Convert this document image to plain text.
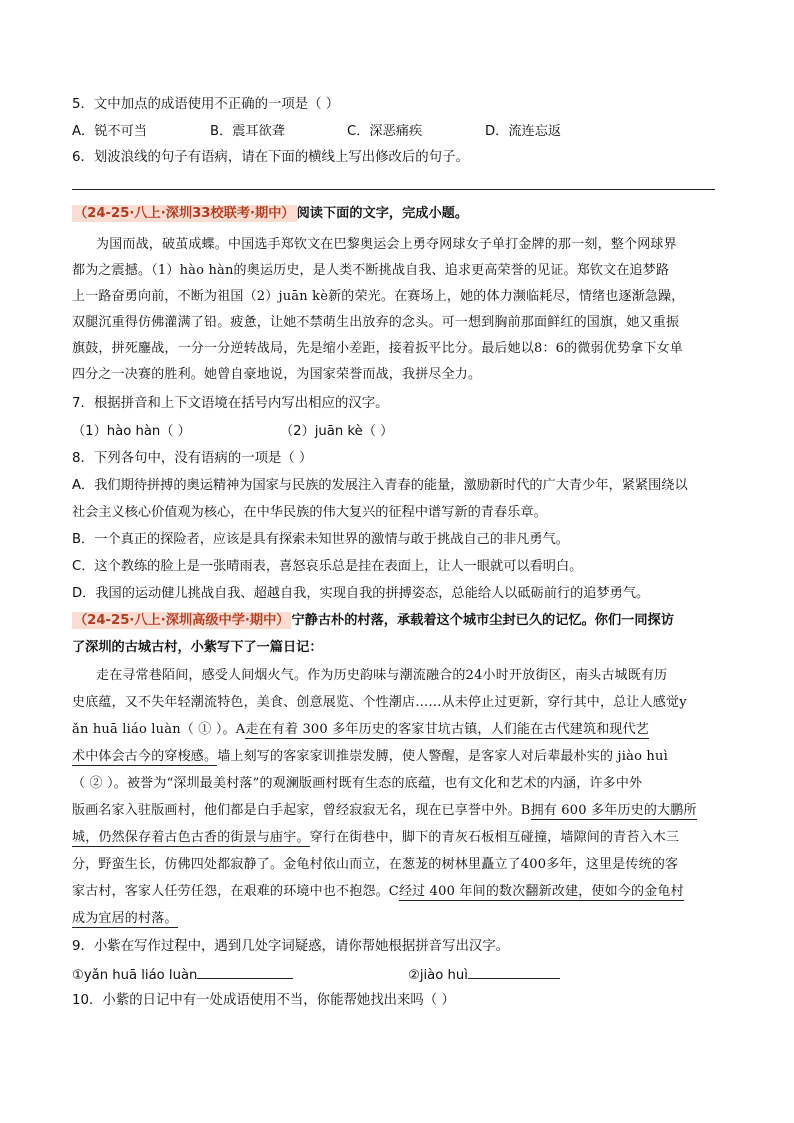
5．文中加点的成语使用不正确的一项是（ ）
A．锐不可当	B．震耳欲聋	C．深恶痛疾	D．流连忘返
6．划波浪线的句子有语病，请在下面的横线上写出修改后的句子。
（24-25·八上·深圳33校联考·期中） 阅读下面的文字，完成小题。
为国而战，破茧成蝶。中国选手郑钦文在巴黎奥运会上勇夺网球女子单打金牌的那一刻，整个网球界
都为之震撼。（1）hào hàn的奥运历史，是人类不断挑战自我、追求更高荣誉的见证。郑钦文在追梦路
上一路奋勇向前，不断为祖国（2）juān kè新的荣光。在赛场上，她的体力濒临耗尽，情绪也逐渐急躁，
双腿沉重得仿佛灌满了铅。疲惫，让她不禁萌生出放弃的念头。可一想到胸前那面鲜红的国旗，她又重振
旗鼓，拼死鏖战，一分一分逆转战局，先是缩小差距，接着扳平比分。最后她以8：6的微弱优势拿下女单
四分之一决赛的胜利。她曾自豪地说，为国家荣誉而战，我拼尽全力。
7．根据拼音和上下文语境在括号内写出相应的汉字。
（1）hào hàn（ ）	（2）juān kè（ ）
8．下列各句中，没有语病的一项是（ ）
A．我们期待拼搏的奥运精神为国家与民族的发展注入青春的能量，激励新时代的广大青少年，紧紧围绕以
社会主义核心价值观为核心，在中华民族的伟大复兴的征程中谱写新的青春乐章。
B．一个真正的探险者，应该是具有探索未知世界的激情与敢于挑战自己的非凡勇气。
C．这个教练的脸上是一张晴雨表，喜怒哀乐总是挂在表面上，让人一眼就可以看明白。
D．我国的运动健儿挑战自我、超越自我，实现自我的拼搏姿态，总能给人以砥砺前行的追梦勇气。
（24-25·八上·深圳高级中学·期中） 宁静古朴的村落，承载着这个城市尘封已久的记忆。你们一同探访
了深圳的古城古村，小紫写下了一篇日记：
走在寻常巷陌间，感受人间烟火气。作为历史韵味与潮流融合的24小时开放街区，南头古城既有历
史底蕴，又不失年轻潮流特色，美食、创意展览、个性潮店……从未停止过更新，穿行其中，总让人感觉y
ǎn huā liáo luàn（ ① ）。A走在有着 300 多年历史的客家甘坑古镇，人们能在古代建筑和现代艺
术中体会古今的穿梭感。墙上刻写的客家家训推崇发膊，使人警醒，是客家人对后辈最朴实的 jiào huì
（ ② ）。被誉为“深圳最美村落”的观澜版画村既有生态的底蕴，也有文化和艺术的内涵，许多中外
版画名家入驻版画村，他们都是白手起家，曾经寂寂无名，现在已享誉中外。B拥有 600 多年历史的大鹏所
城，仍然保存着古色古香的街景与庙宇。穿行在街巷中，脚下的青灰石板相互碰撞，墙隙间的青苔入木三
分，野蛮生长，仿佛四处都寂静了。金龟村依山而立，在葱茏的树林里矗立了400多年，这里是传统的客
家古村，客家人任劳任怨，在艰难的环境中也不抱怨。C经过 400 年间的数次翻新改建，使如今的金龟村
成为宜居的村落。
9．小紫在写作过程中，遇到几处字词疑惑，请你帮她根据拼音写出汉字。
①yǎn huā liáo luàn	②jiào huì
10．小紫的日记中有一处成语使用不当，你能帮她找出来吗（ ）
